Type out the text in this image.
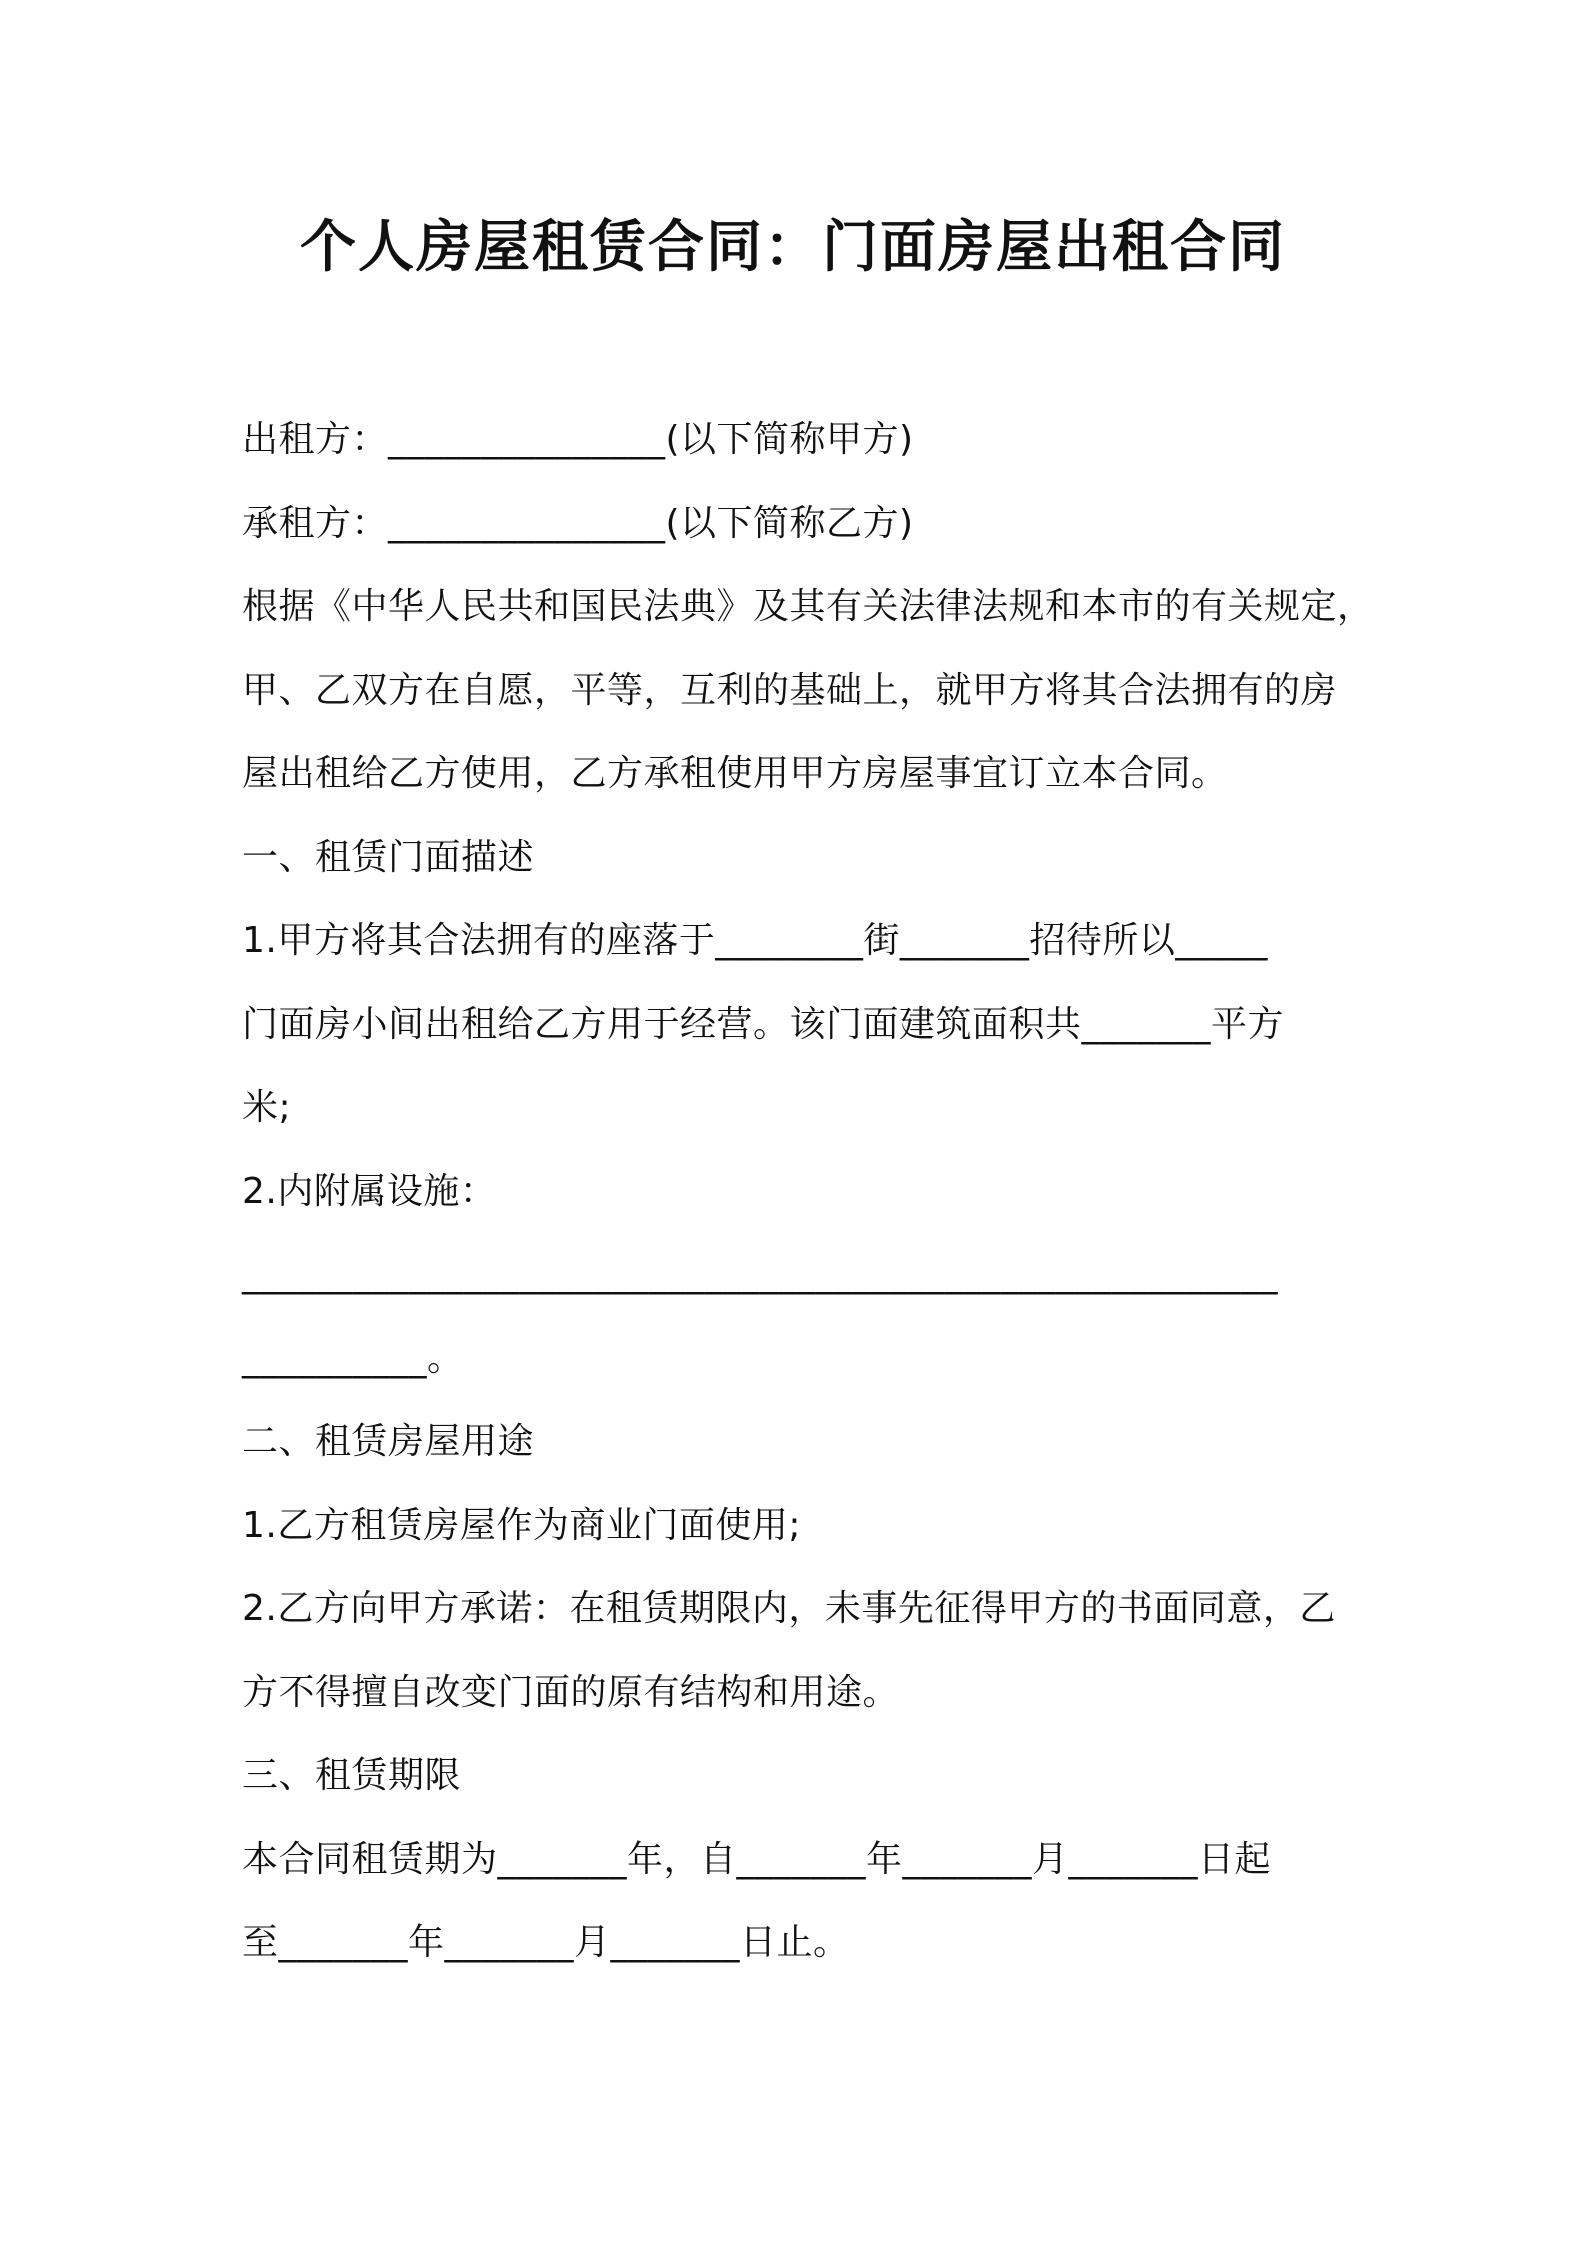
个人房屋租赁合同：门面房屋出租合同
出租方：_______________(以下简称甲方)
承租方：_______________(以下简称乙方)
根据《中华人民共和国民法典》及其有关法律法规和本市的有关规定，
甲、乙双方在自愿，平等，互利的基础上，就甲方将其合法拥有的房
屋出租给乙方使用，乙方承租使用甲方房屋事宜订立本合同。
一、租赁门面描述
1.甲方将其合法拥有的座落于________街_______招待所以_____
门面房小间出租给乙方用于经营。该门面建筑面积共_______平方
米;
2.内附属设施：
________________________________________________________
__________。
二、租赁房屋用途
1.乙方租赁房屋作为商业门面使用;
2.乙方向甲方承诺：在租赁期限内，未事先征得甲方的书面同意，乙
方不得擅自改变门面的原有结构和用途。
三、租赁期限
本合同租赁期为_______年，自_______年_______月_______日起
至_______年_______月_______日止。
